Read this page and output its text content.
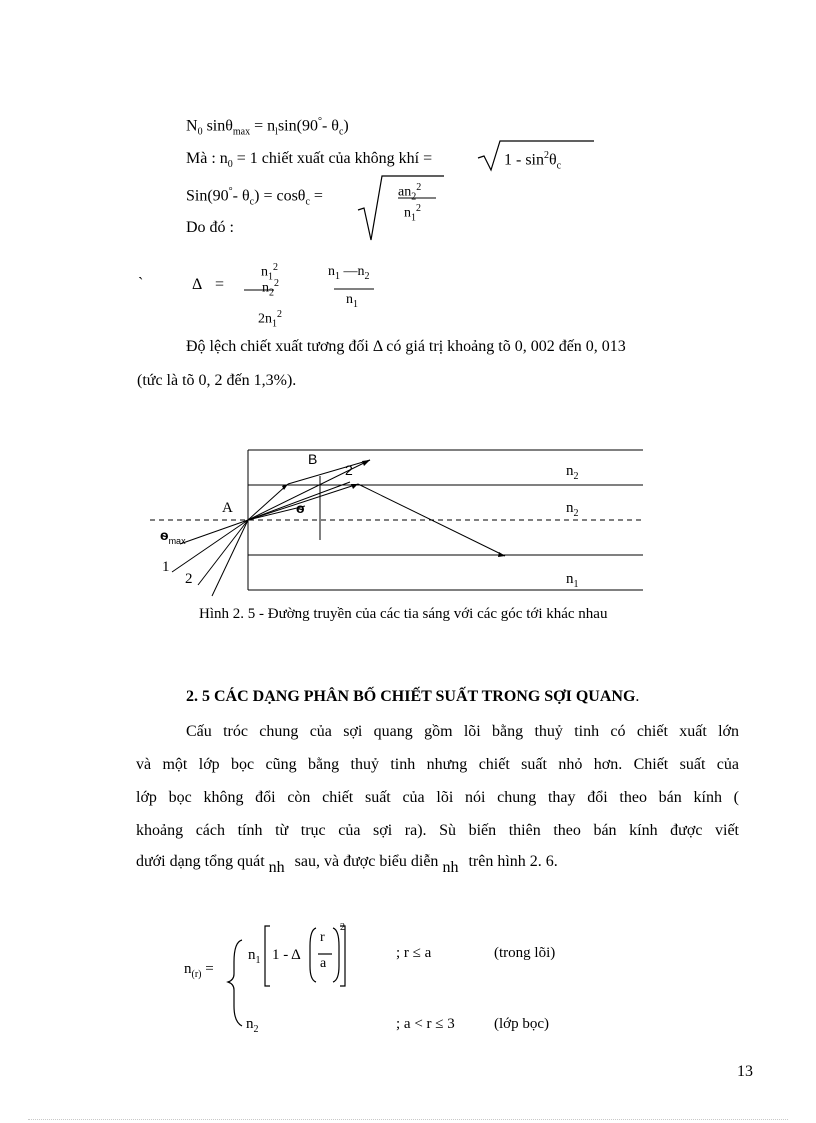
$N_0$ $\sin\theta_{max} = n_l\sin(90^\circ-$ $\theta_c$)
Mà : $n_0 = 1$ chiết xuất của không khí =	$1 - \sin^2\theta_c$
Sin(90°- $\theta_c) = \cos\theta_c$ =	$an_2^2$
$n_1^2$
Do đó :
`	Δ =
$n_1^2$
$n_2^2$
$2n_1^2$
$n_1$ $—n_2$
$n_1$
Độ lệch chiết xuất tương đối Δ có giá trị khoảng tõ 0, 002 đến 0, 013
(tức là tõ 0, 2 đến 1,3%).
B
2
A	ѳ
$ѳ_{max}$
1
2
$n_2$
$n_2$
$n_1$
Hình 2. 5 - Đường truyền của các tia sáng với các góc tới khác nhau
2. 5 CÁC DẠNG PHÂN BỐ CHIẾT SUẤT TRONG SỢI QUANG.
Cấu tróc chung của sợi quang gồm lõi bằng thuỷ tinh có chiết xuất lớn
và một lớp bọc cũng bằng thuỷ tinh nhưng chiết suất nhỏ hơn. Chiết suất của
lớp bọc không đổi còn chiết suất của lõi nói chung thay đổi theo bán kính (
khoảng cách tính từ trục của sợi ra). Sù biến thiên theo bán kính được viết
dưới dạng tổng quát nh sau, và được biểu diễn nh trên hình 2. 6.
$n_{(r)}$ =
$n_1$ 1 - Δ
r
a
2
; r ≤ a	(trong lõi)
$n_2$	; a < r ≤ 3	(lớp bọc)
13
